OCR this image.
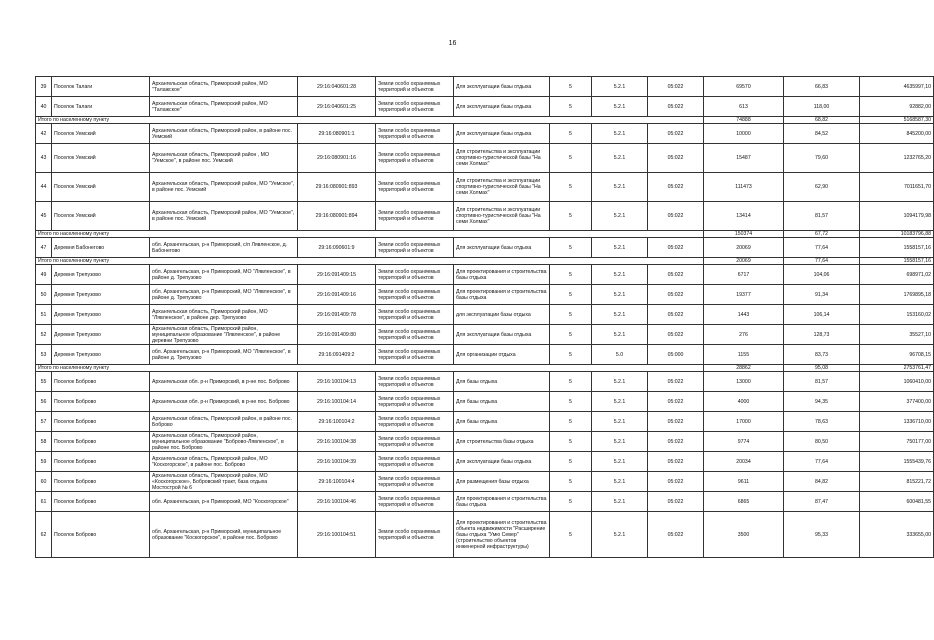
16
39	Поселок Талаги	Архангельская область, Приморский район, МО "Талажское"	29:16:040601:28	Земли особо охраняемых территорий и объектов	Для эксплуатации базы отдыха	5	5.2.1	05:022	69570	66,83	4635997,10
40	Поселок Талаги	Архангельская область, Приморский район, МО "Талажское"	29:16:040601:25	Земли особо охраняемых территорий и объектов	Для эксплуатации базы отдыха	5	5.2.1	05:022	613	118,00	92882,00
Итого по населенному пункту									74888	68,82	5168587,30
42	Поселок Уемский	Архангельская область, Приморский район, в районе пос. Уемский	29:16:080901:1	Земли особо охраняемых территорий и объектов	Для эксплуатации базы отдыха	5	5.2.1	05:022	10000	84,52	845200,00
43	Поселок Уемский	Архангельская область, Приморский район , МО "Уемское", в районе пос. Уемский	29:16:080901:16	Земли особо охраняемых территорий и объектов	Для строительства и эксплуатации спортивно-туристической базы "На семи Холмах"	5	5.2.1	05:022	15487	79,60	1232765,20
44	Поселок Уемский	Архангельская область, Приморский район, МО "Уемское", в районе пос. Уемский	29:16:080901:893	Земли особо охраняемых территорий и объектов	Для строительства и эксплуатации спортивно-туристической базы "На семи Холмах"	5	5.2.1	05:022	111473	62,90	7011651,70
45	Поселок Уемский	Архангельская область, Приморский район, МО "Уемское", в районе пос. Уемский	29:16:080901:894	Земли особо охраняемых территорий и объектов	Для строительства и эксплуатации спортивно-туристической базы "На семи Холмах"	5	5.2.1	05:022	13414	81,57	1094179,98
Итого по населенному пункту									150374	67,72	10183796,88
47	Деревня Бабонегово	обл. Архангельская, р-н Приморский, с/п Лявленское, д. Бабонегово	29:16:090601:9	Земли особо охраняемых территорий и объектов	Для эксплуатации базы отдыха	5	5.2.1	05:022	20069	77,64	1558157,16
Итого по населенному пункту									20069	77,64	1558157,16
49	Деревня Трепузово	обл. Архангельская, р-н Приморский, МО "Лявленское", в районе д. Трепузово	29:16:091409:15	Земли особо охраняемых территорий и объектов	Для проектирования и строительства базы отдыха	5	5.2.1	05:022	6717	104,06	698971,02
50	Деревня Трепузово	обл. Архангельская, р-н Приморский, МО "Лявленское", в районе д. Трепузово	29:16:091409:16	Земли особо охраняемых территорий и объектов	Для проектирования и строительства базы отдыха	5	5.2.1	05:022	19377	91,34	1769895,18
51	Деревня Трепузово	Архангельская область, Приморский район, МО "Лявленское", в районе дер. Трепузово	29:16:091409:78	Земли особо охраняемых территорий и объектов	для эксплуатации базы отдыха	5	5.2.1	05:022	1443	106,14	153160,02
52	Деревня Трепузово	Архангельская область, Приморский район, муниципальное образование "Лявленское", в районе деревни Трепузово	29:16:091409:80	Земли особо охраняемых территорий и объектов	Для эксплуатации базы отдыха	5	5.2.1	05:022	276	128,73	35527,10
53	Деревня Трепузово	обл. Архангельская, р-н Приморский, МО "Лявленское", в районе д. Трепузово	29:16:091409:2	Земли особо охраняемых территорий и объектов	Для организации отдыха	5	5.0	05:000	1155	83,73	96708,15
Итого по населенному пункту									28862	95,08	2753761,47
55	Поселок Боброво	Архангельская обл. р-н Приморский, в р-не пос. Боброво	29:16:100104:13	Земли особо охраняемых территорий и объектов	Для базы отдыха	5	5.2.1	05:022	13000	81,57	1060410,00
56	Поселок Боброво	Архангельская обл. р-н Приморский, в р-не пос. Боброво	29:16:100104:14	Земли особо охраняемых территорий и объектов	Для базы отдыха	5	5.2.1	05:022	4000	94,35	377400,00
57	Поселок Боброво	Архангельская область, Приморский район, в районе пос. Боброво	29:16:100104:2	Земли особо охраняемых территорий и объектов	Для базы отдыха	5	5.2.1	05:022	17000	78,63	1336710,00
58	Поселок Боброво	Архангельская область, Приморский район, муниципальное образование "Боброво-Лявленское", в районе пос. Боброво	29:16:100104:38	Земли особо охраняемых территорий и объектов	Для строительства базы отдыха	5	5.2.1	05:022	9774	80,50	750177,00
59	Поселок Боброво	Архангельская область, Приморский район, МО "Коскогорское", в районе пос. Боброво	29:16:100104:39	Земли особо охраняемых территорий и объектов	Для эксплуатации базы отдыха	5	5.2.1	05:022	20034	77,64	1555439,76
60	Поселок Боброво	Архангельская область, Приморский район, МО «Коскогорское», Бобровский тракт, база отдыха Мостострой № 6	29:16:100104:4	Земли особо охраняемых территорий и объектов	Для размещения базы отдыха	5	5.2.1	05:022	9611	84,82	815221,72
61	Поселок Боброво	обл. Архангельская, р-н Приморский, МО "Коскогорское"	29:16:100104:46	Земли особо охраняемых территорий и объектов	Для проектирования и строительства базы отдыха	5	5.2.1	05:022	6865	87,47	600481,55
62	Поселок Боброво	обл. Архангельская, р-н Приморский, муниципальное образование "Коскогорское", в районе пос. Боброво	29:16:100104:51	Земли особо охраняемых территорий и объектов	Для проектирования и строительства объекта недвижимости "Расширение базы отдыха "Умю Север" (строительство объектов инженерной инфраструктуры)	5	5.2.1	05:022	3500	95,33	333655,00
